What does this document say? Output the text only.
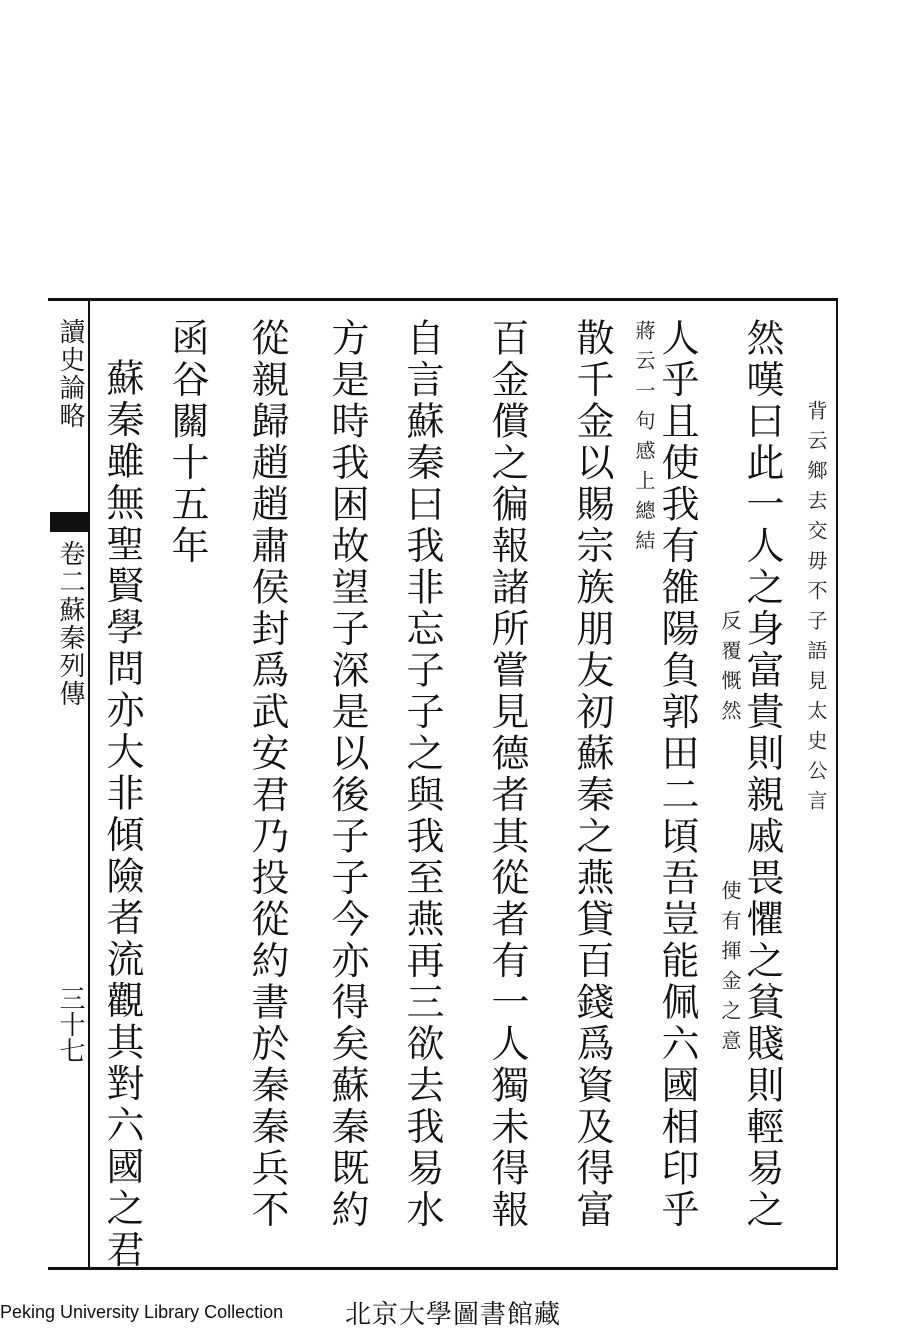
讀史論略
卷二蘇秦列傳
三十七
然嘆曰此一人之身富貴則親戚畏懼之貧賤則輕易之
人乎且使我有雒陽負郭田二頃吾豈能佩六國相印乎
散千金以賜宗族朋友初蘇秦之燕貸百錢爲資及得富
百金償之徧報諸所嘗見德者其從者有一人獨未得報
自言蘇秦曰我非忘子子之與我至燕再三欲去我易水
方是時我困故望子深是以後子子今亦得矣蘇秦既約
從親歸趙趙肅侯封爲武安君乃投從約書於秦秦兵不
函谷關十五年
蘇秦雖無聖賢學問亦大非傾險者流觀其對六國之君
背云鄉去交毋不子語見太史公言
反覆慨然
使有揮金之意
蔣云一句感上總結
Peking University Library Collection 北京大學圖書館藏
